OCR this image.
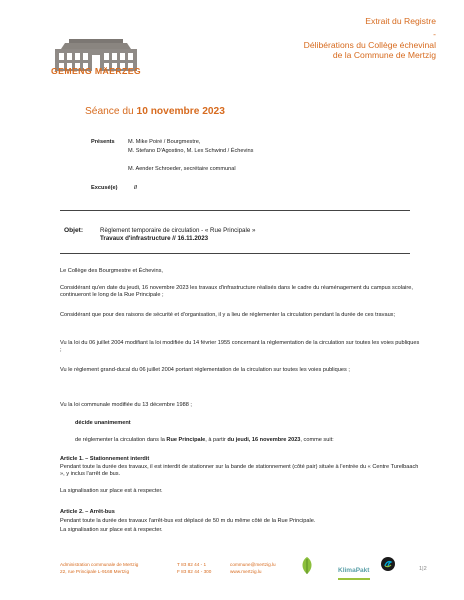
Extrait du Registre
-
Délibérations du Collège échevinal
de la Commune de Mertzig
GEMENG MÄERZEG
Séance du 10 novembre 2023
Présents M. Mike Poiré / Bourgmestre,
M. Stefano D'Agostino, M. Lex Schwind / Échevins
M. Aender Schroeder, secrétaire communal
Excusé(e)	//
Objet:	Règlement temporaire de circulation - « Rue Principale »
Travaux d'infrastructure // 16.11.2023
Le Collège des Bourgmestre et Échevins,
Considérant qu'en date du jeudi, 16 novembre 2023 les travaux d'infrastructure réalisés dans le cadre du réaménagement du campus scolaire, continueront le long de la Rue Principale ;
Considérant que pour des raisons de sécurité et d'organisation, il y a lieu de réglementer la circulation pendant la durée de ces travaux;
Vu la loi du 06 juillet 2004 modifiant la loi modifiée du 14 février 1955 concernant la réglementation de la circulation sur toutes les voies publiques ;
Vu le règlement grand-ducal du 06 juillet 2004 portant réglementation de la circulation sur toutes les voies publiques ;
Vu la loi communale modifiée du 13 décembre 1988 ;
décide unanimement
de réglementer la circulation dans la Rue Principale, à partir du jeudi, 16 novembre 2023, comme suit:
Article 1. – Stationnement interdit
Pendant toute la durée des travaux, il est interdit de stationner sur la bande de stationnement (côté pair) située à l'entrée du « Centre Turelbaach », y inclus l'arrêt de bus.
La signalisation sur place est à respecter.
Article 2. – Arrêt-bus
Pendant toute la durée des travaux l'arrêt-bus est déplacé de 50 m du même côté de la Rue Principale.
La signalisation sur place est à respecter.
Administration communale de Mertzig
22, rue Principale L-9168 Mertzig
T 83 82 44 - 1
F 83 82 44 - 300
commune@mertzig.lu
www.mertzig.lu	KlimaPakt	1|2
